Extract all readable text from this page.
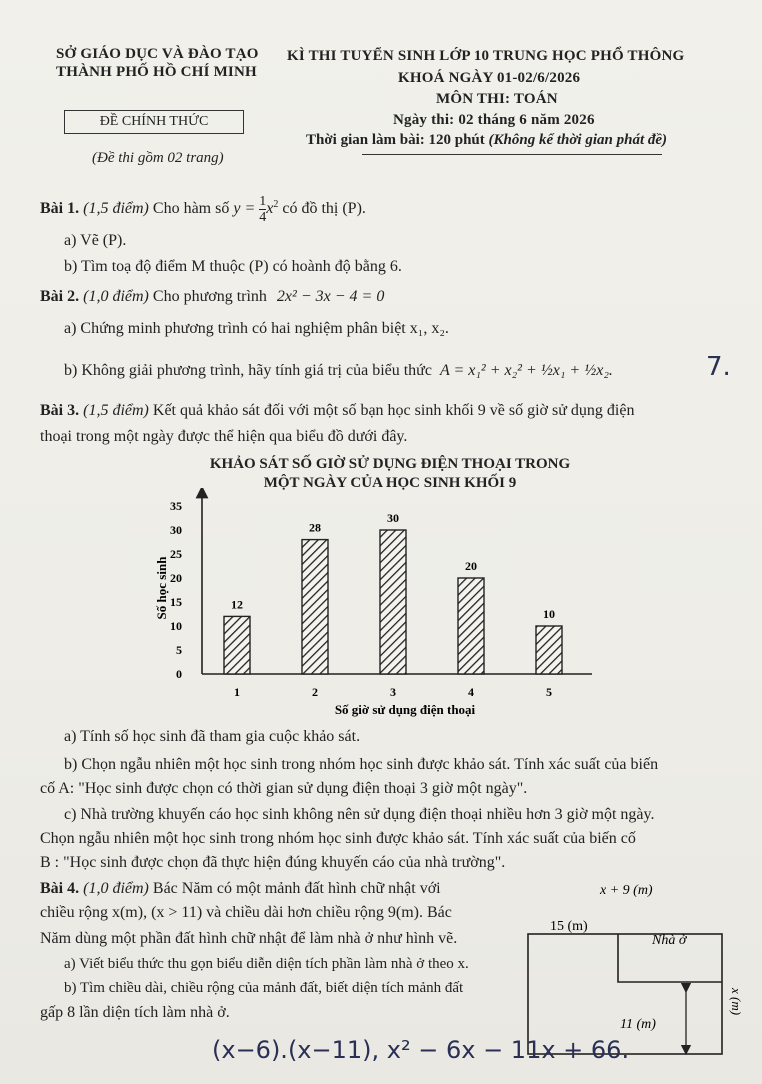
SỞ GIÁO DỤC VÀ ĐÀO TẠO
THÀNH PHỐ HỒ CHÍ MINH
ĐỀ CHÍNH THỨC
(Đề thi gồm 02 trang)
KÌ THI TUYỂN SINH LỚP 10 TRUNG HỌC PHỔ THÔNG
KHOÁ NGÀY 01-02/6/2026
MÔN THI: TOÁN
Ngày thi: 02 tháng 6 năm 2026
Thời gian làm bài: 120 phút (Không kể thời gian phát đề)
Bài 1. (1,5 điểm) Cho hàm số $y = \frac{1}{4} x^2$ có đồ thị (P).
a) Vẽ (P).
b) Tìm toạ độ điểm M thuộc (P) có hoành độ bằng 6.
Bài 2. (1,0 điểm) Cho phương trình 2x² − 3x − 4 = 0
a) Chứng minh phương trình có hai nghiệm phân biệt x₁, x₂.
b) Không giải phương trình, hãy tính giá trị của biểu thức A = x₁² + x₂² + ½x₁ + ½x₂.	7.
Bài 3. (1,5 điểm) Kết quả khảo sát đối với một số bạn học sinh khối 9 về số giờ sử dụng điện
thoại trong một ngày được thể hiện qua biểu đồ dưới đây.
KHẢO SÁT SỐ GIỜ SỬ DỤNG ĐIỆN THOẠI TRONG
MỘT NGÀY CỦA HỌC SINH KHỐI 9
0
5
10
15
20
25
30
35
12
1
28
2
30
3
20
4
10
5
Số học sinh
Số giờ sử dụng điện thoại
a) Tính số học sinh đã tham gia cuộc khảo sát.
b) Chọn ngẫu nhiên một học sinh trong nhóm học sinh được khảo sát. Tính xác suất của biến
cố A: "Học sinh được chọn có thời gian sử dụng điện thoại 3 giờ một ngày".
c) Nhà trường khuyến cáo học sinh không nên sử dụng điện thoại nhiều hơn 3 giờ một ngày.
Chọn ngẫu nhiên một học sinh trong nhóm học sinh được khảo sát. Tính xác suất của biến cố
B : "Học sinh được chọn đã thực hiện đúng khuyến cáo của nhà trường".
Bài 4. (1,0 điểm) Bác Năm có một mảnh đất hình chữ nhật với
chiều rộng x(m), (x > 11) và chiều dài hơn chiều rộng 9(m). Bác
Năm dùng một phần đất hình chữ nhật để làm nhà ở như hình vẽ.
a) Viết biểu thức thu gọn biểu diễn diện tích phần làm nhà ở theo x.
b) Tìm chiều dài, chiều rộng của mảnh đất, biết diện tích mảnh đất
gấp 8 lần diện tích làm nhà ở.
x + 9 (m)
15 (m)
Nhà ở
x (m)
11 (m)
(x−6).(x−11), x² − 6x − 11x + 66.
